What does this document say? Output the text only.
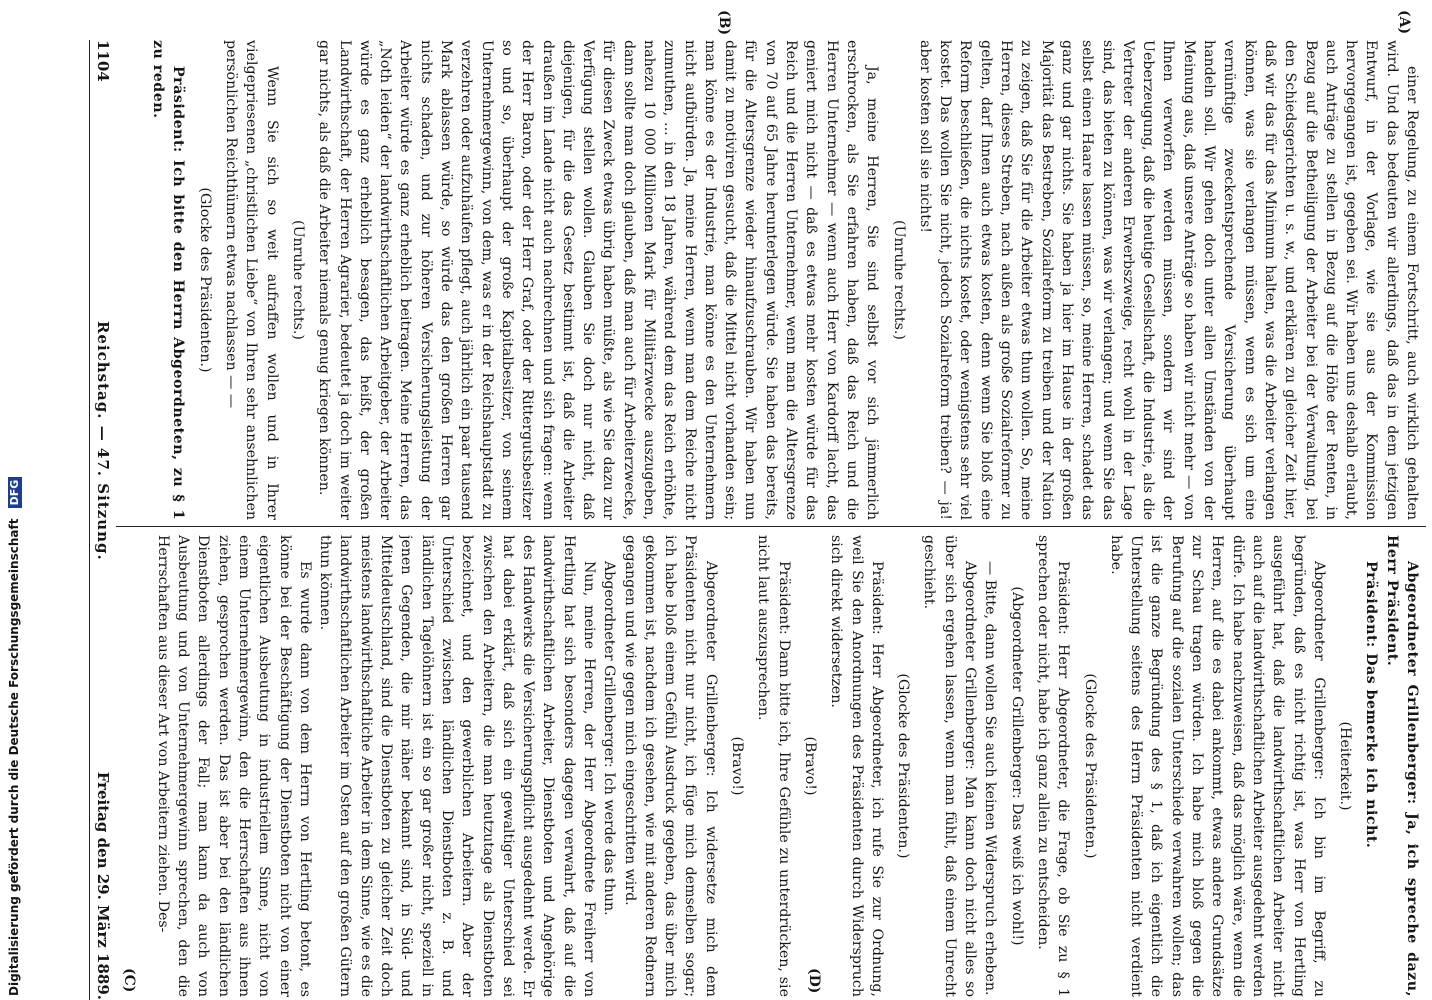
1104
Reichstag. — 47. Sitzung.
Freitag den 29. März 1889.
(A)
(B)
(C)	(D)

einer Regelung, zu einem Fortschritt, auch wirklich gehalten wird. Und das bedeuten wir allerdings, daß das in dem jetzigen Entwurf, in der Vorlage, wie sie aus der Kommission hervorgegangen ist, gegeben sei. Wir haben uns deshalb erlaubt, auch Anträge zu stellen in Bezug auf die Höhe der Renten, in Bezug auf die Betheiligung der Arbeiter bei der Verwaltung, bei den Schiedsgerichten u. s. w., und erklären zu gleicher Zeit hier, daß wir das für das Minimum halten, was die Arbeiter verlangen können, was sie verlangen müssen, wenn es sich um eine vernünftige zweckentsprechende Versicherung überhaupt handeln soll. Wir gehen doch unter allen Umständen von der Meinung aus, daß unsere Anträge so haben wir nicht mehr — von Ihnen verworfen werden müssen, sondern wir sind der Ueberzeugung, daß die heutige Gesellschaft, die Industrie, als die Vertreter der anderen Erwerbszweige, recht wohl in der Lage sind, das bieten zu können, was wir verlangen; und wenn Sie das selbst einen Haare lassen müssen, so, meine Herren, schadet das ganz und gar nichts. Sie haben ja hier im Hause in der großen Majorität das Bestreben, Sozialreform zu treiben und der Nation zu zeigen, daß Sie für die Arbeiter etwas thun wollen. So, meine Herren, dieses Streben, nach außen als große Sozialreformer zu gelten, darf Ihnen auch etwas kosten, denn wenn Sie bloß eine Reform beschließen, die nichts kostet, oder wenigstens sehr viel kostet. Das wollen Sie nicht, jedoch Sozialreform treiben? — ja! aber kosten soll sie nichts!

(Unruhe rechts.)

Ja, meine Herren, Sie sind selbst vor sich jämmerlich erschrocken, als Sie erfahren haben, daß das Reich und die Herren Unternehmer — wenn auch Herr von Kardorff lacht, das geniert mich nicht — daß es etwas mehr kosten würde für das Reich und die Herren Unternehmer, wenn man die Altersgrenze von 70 auf 65 Jahre herunterlegen würde. Sie haben das bereits, für die Altersgrenze wieder hinaufzuschrauben. Wir haben nun damit zu motiviren gesucht, daß die Mittel nicht vorhanden sein; man könne es der Industrie, man könne es den Unternehmern nicht aufbürden. Ja, meine Herren, wenn man dem Reiche nicht zumuthen, ... in den 18 Jahren, während dem das Reich erhöhte, nahezu 10 000 Millionen Mark für Militärzwecke auszugeben, dann sollte man doch glauben, daß man auch für Arbeiterzwecke, für diesen Zweck etwas übrig haben müßte, als wie Sie dazu zur Verfügung stellen wollen. Glauben Sie doch nur nicht, daß diejenigen, für die das Gesetz bestimmt ist, daß die Arbeiter draußen im Lande nicht auch nachrechnen und sich fragen: wenn der Herr Baron, oder der Herr Graf, oder der Rittergutsbesitzer so und so, überhaupt der große Kapitalbesitzer, von seinem Unternehmergewinn, von dem, was er in der Reichshauptstadt zu verzehren oder aufzuhäufen pflegt, auch jährlich ein paar tausend Mark ablassen würde, so würde das den großen Herren gar nichts schaden, und zur höheren Versicherungsleistung der Arbeiter würde es ganz erheblich beitragen. Meine Herren, das „Noth leiden“ der landwirthschaftlichen Arbeitgeber, der Arbeiter würde es ganz erheblich besagen, das heißt, der großen Landwirthschaft, der Herren Agrarier, bedeutet ja doch im weiter gar nichts, als daß die Arbeiter niemals genug kriegen können.

(Unruhe rechts.)

Wenn Sie sich so weit aufraffen wollen und in Ihrer vielgepriesenen „christlichen Liebe“ von Ihren sehr ansehnlichen persönlichen Reichthümern etwas nachlassen — —

(Glocke des Präsidenten.)

Präsident: Ich bitte den Herrn Abgeordneten, zu § 1 zu reden.

Abgeordneter Grillenberger: Ja, ich spreche dazu, Herr Präsident.

Präsident: Das bemerke ich nicht.

(Heiterkeit.)

Abgeordneter Grillenberger: Ich bin im Begriff, zu begründen, daß es nicht richtig ist, was Herr von Hertling ausgeführt hat, daß die landwirthschaftlichen Arbeiter nicht auch auf die landwirthschaftlichen Arbeiter ausgedehnt werden dürfe. Ich habe nachzuweisen, daß das möglich wäre, wenn die Herren, auf die es dabei ankommt, etwas andere Grundsätze zur Schau tragen würden. Ich habe mich bloß gegen die Berufung auf die sozialen Unterschiede verwahren wollen; das ist die ganze Begründung des § 1, daß ich eigentlich die Unterstellung seitens des Herrn Präsidenten nicht verdient habe.

(Glocke des Präsidenten.)

Präsident: Herr Abgeordneter, die Frage, ob Sie zu § 1 sprechen oder nicht, habe ich ganz allein zu entscheiden.

(Abgeordneter Grillenberger: Das weiß ich wohl!)

— Bitte, dann wollen Sie auch keinen Widerspruch erheben.

Abgeordneter Grillenberger: Man kann doch nicht alles so über sich ergehen lassen, wenn man fühlt, daß einem Unrecht geschieht.

(Glocke des Präsidenten.)

Präsident: Herr Abgeordneter, ich rufe Sie zur Ordnung, weil Sie den Anordnungen des Präsidenten durch Widerspruch sich direkt widersetzen.

(Bravo!)

Präsident: Dann bitte ich, Ihre Gefühle zu unterdrücken, sie nicht laut auszusprechen.

(Bravo!)

Abgeordneter Grillenberger: Ich widersetze mich dem Präsidenten nicht nur nicht, ich füge mich demselben sogar; ich habe bloß einem Gefühl Ausdruck gegeben, das über mich gekommen ist, nachdem ich gesehen, wie mit anderen Rednern gegangen und wie gegen mich eingeschritten wird.

Abgeordneter Grillenberger: Ich werde das thun.

Nun, meine Herren, der Herr Abgeordnete Freiherr von Hertling hat sich besonders dagegen verwahrt, daß auf die landwirthschaftlichen Arbeiter, Dienstboten und Angehörige des Handwerks die Versicherungspflicht ausgedehnt werde. Er hat dabei erklärt, daß sich ein gewaltiger Unterschied sei zwischen den Arbeitern, die man heutzutage als Dienstboten bezeichnet, und den gewerblichen Arbeitern. Aber der Unterschied zwischen ländlichen Dienstboten z. B. und ländlichen Tagelöhnern ist ein so gar großer nicht, speziell in jenen Gegenden, die mir näher bekannt sind, in Süd- und Mitteldeutschland, sind die Dienstboten zu gleicher Zeit doch meistens landwirthschaftliche Arbeiter in dem Sinne, wie es die landwirthschaftlichen Arbeiter im Osten auf den großen Gütern thun können.

Es wurde dann von dem Herrn von Hertling betont, es könne bei der Beschäftigung der Dienstboten nicht von einer eigentlichen Ausbeutung in industriellem Sinne, nicht von einem Unternehmergewinn, den die Herrschaften aus ihnen ziehen, gesprochen werden. Das ist aber bei den ländlichen Dienstboten allerdings der Fall; man kann da auch von Ausbeutung und von Unternehmergewinn sprechen, den die Herrschaften aus dieser Art von Arbeitern ziehen. Des-

Digitalisierung gefördert durch die Deutsche Forschungsgemeinschaft DFG
